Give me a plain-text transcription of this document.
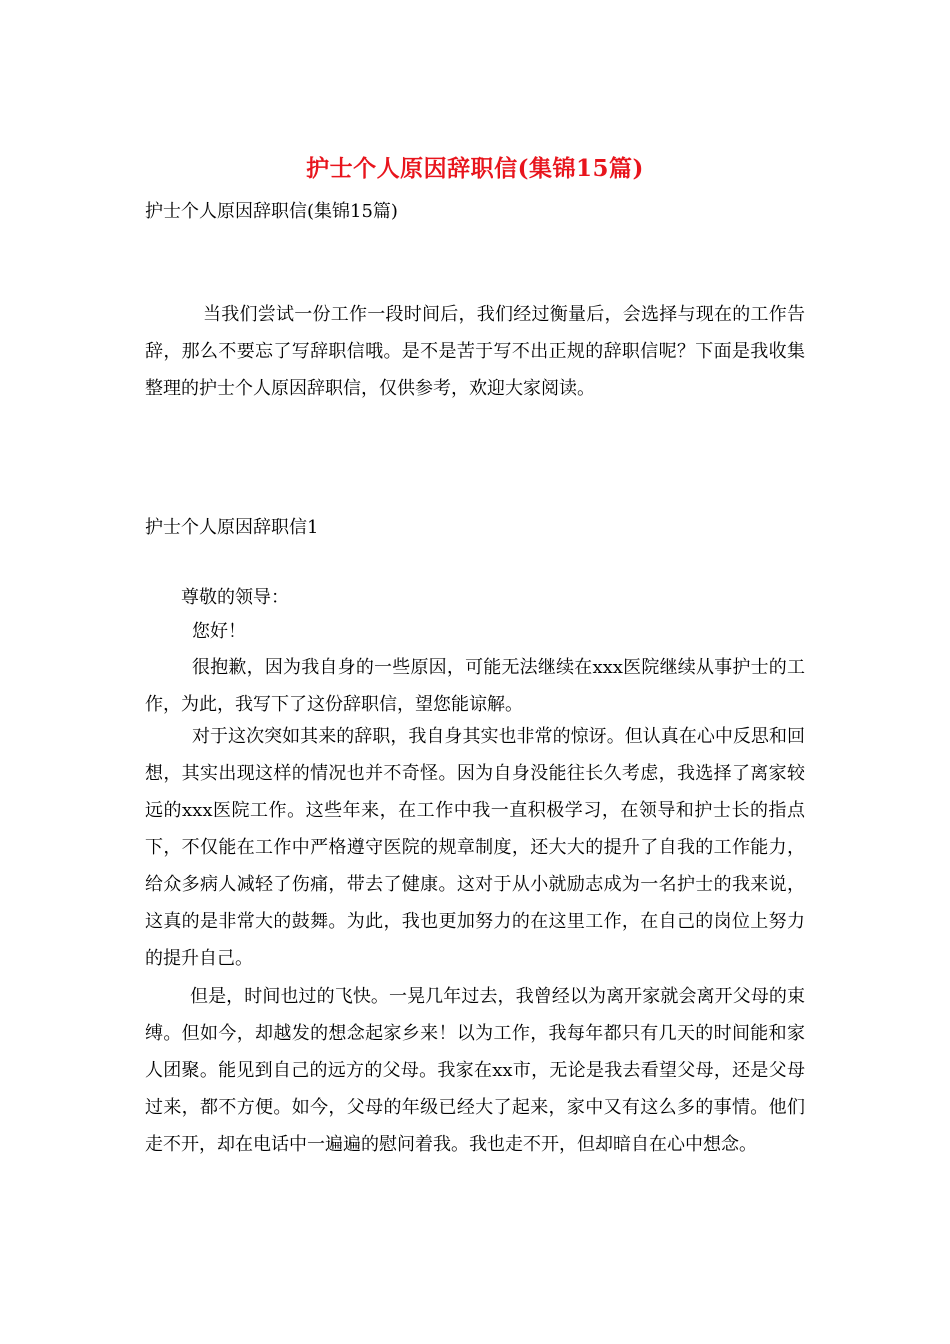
护士个人原因辞职信(集锦15篇)
护士个人原因辞职信(集锦15篇)

当我们尝试一份工作一段时间后，我们经过衡量后，会选择与现在的工作告辞，那么不要忘了写辞职信哦。是不是苦于写不出正规的辞职信呢？下面是我收集整理的护士个人原因辞职信，仅供参考，欢迎大家阅读。

护士个人原因辞职信1
尊敬的领导：
您好！

很抱歉，因为我自身的一些原因，可能无法继续在xxx医院继续从事护士的工作，为此，我写下了这份辞职信，望您能谅解。

对于这次突如其来的辞职，我自身其实也非常的惊讶。但认真在心中反思和回想，其实出现这样的情况也并不奇怪。因为自身没能往长久考虑，我选择了离家较远的xxx医院工作。这些年来，在工作中我一直积极学习，在领导和护士长的指点下，不仅能在工作中严格遵守医院的规章制度，还大大的提升了自我的工作能力，给众多病人减轻了伤痛，带去了健康。这对于从小就励志成为一名护士的我来说，这真的是非常大的鼓舞。为此，我也更加努力的在这里工作，在自己的岗位上努力的提升自己。

但是，时间也过的飞快。一晃几年过去，我曾经以为离开家就会离开父母的束缚。但如今，却越发的想念起家乡来！以为工作，我每年都只有几天的时间能和家人团聚。能见到自己的远方的父母。我家在xx市，无论是我去看望父母，还是父母过来，都不方便。如今，父母的年级已经大了起来，家中又有这么多的事情。他们走不开，却在电话中一遍遍的慰问着我。我也走不开，但却暗自在心中想念。
